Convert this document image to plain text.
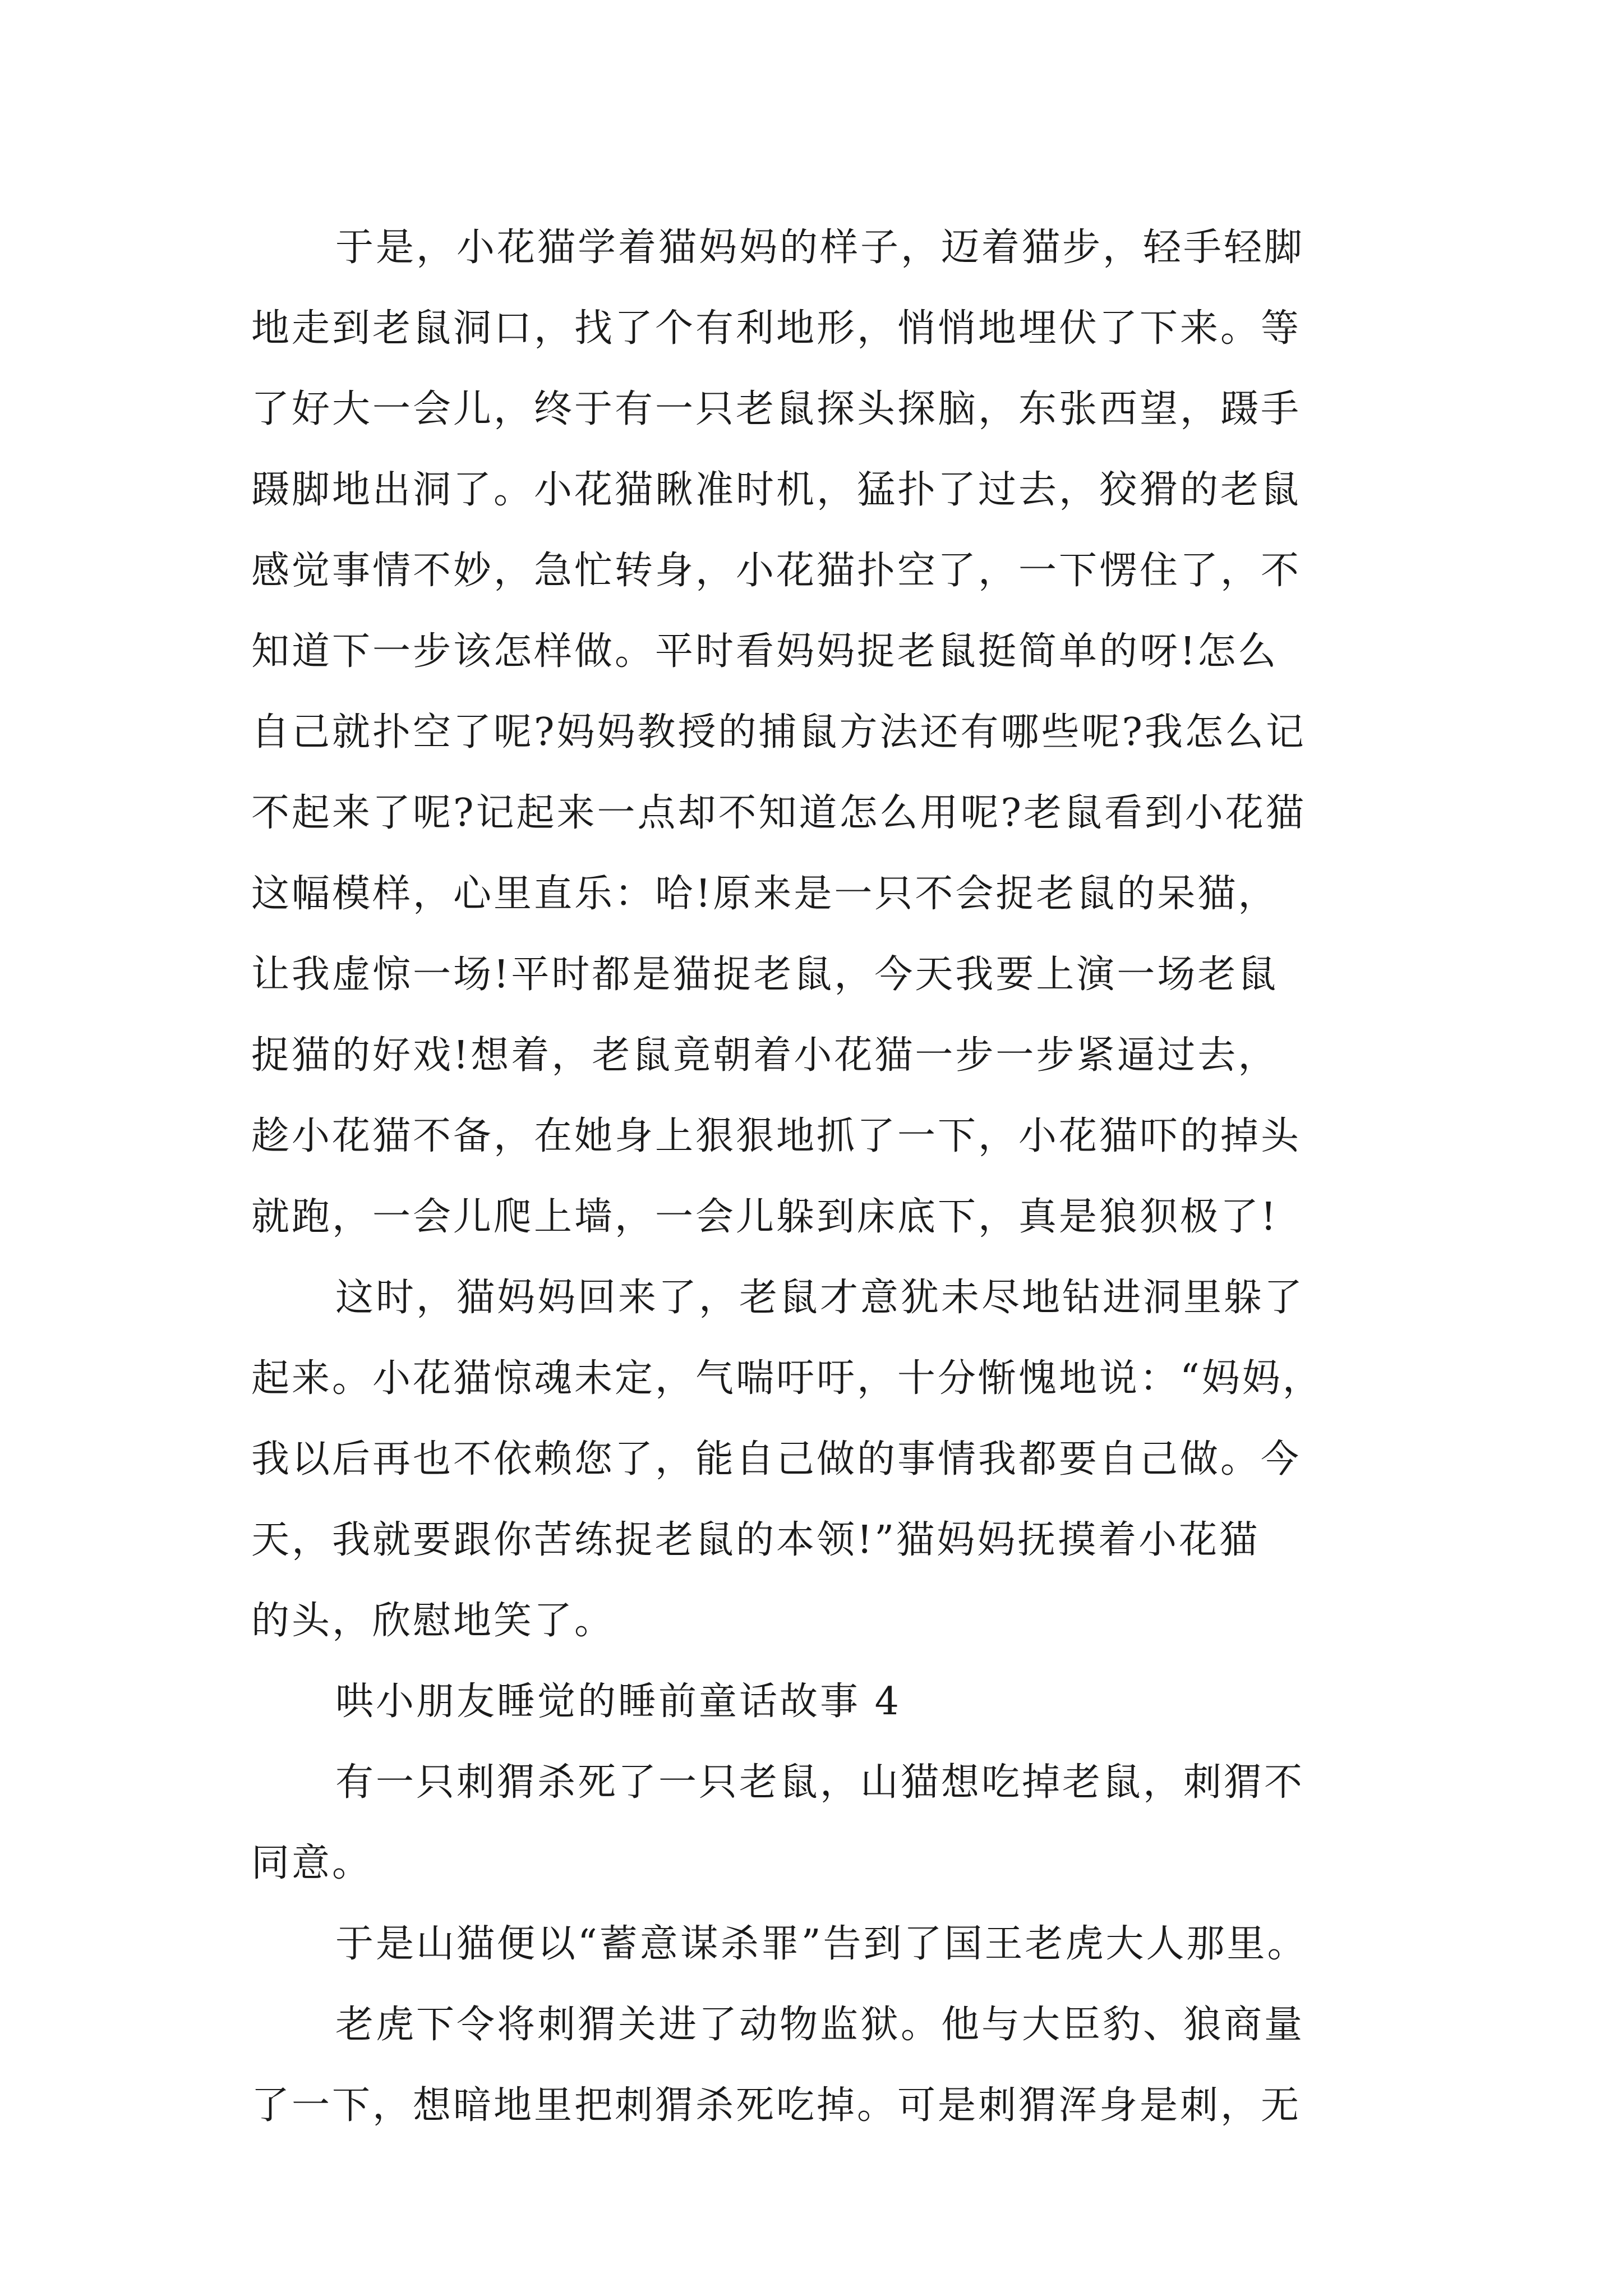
于是，小花猫学着猫妈妈的样子，迈着猫步，轻手轻脚
地走到老鼠洞口，找了个有利地形，悄悄地埋伏了下来。等
了好大一会儿，终于有一只老鼠探头探脑，东张西望，蹑手
蹑脚地出洞了。小花猫瞅准时机，猛扑了过去，狡猾的老鼠
感觉事情不妙，急忙转身，小花猫扑空了，一下愣住了，不
知道下一步该怎样做。平时看妈妈捉老鼠挺简单的呀!怎么
自己就扑空了呢?妈妈教授的捕鼠方法还有哪些呢?我怎么记
不起来了呢?记起来一点却不知道怎么用呢?老鼠看到小花猫
这幅模样，心里直乐：哈!原来是一只不会捉老鼠的呆猫，
让我虚惊一场!平时都是猫捉老鼠，今天我要上演一场老鼠
捉猫的好戏!想着，老鼠竟朝着小花猫一步一步紧逼过去，
趁小花猫不备，在她身上狠狠地抓了一下，小花猫吓的掉头
就跑，一会儿爬上墙，一会儿躲到床底下，真是狼狈极了!
这时，猫妈妈回来了，老鼠才意犹未尽地钻进洞里躲了
起来。小花猫惊魂未定，气喘吁吁，十分惭愧地说：“妈妈，
我以后再也不依赖您了，能自己做的事情我都要自己做。今
天，我就要跟你苦练捉老鼠的本领!”猫妈妈抚摸着小花猫
的头，欣慰地笑了。
哄小朋友睡觉的睡前童话故事 4
有一只刺猬杀死了一只老鼠，山猫想吃掉老鼠，刺猬不
同意。
于是山猫便以“蓄意谋杀罪”告到了国王老虎大人那里。
老虎下令将刺猬关进了动物监狱。他与大臣豹、狼商量
了一下，想暗地里把刺猬杀死吃掉。可是刺猬浑身是刺，无
